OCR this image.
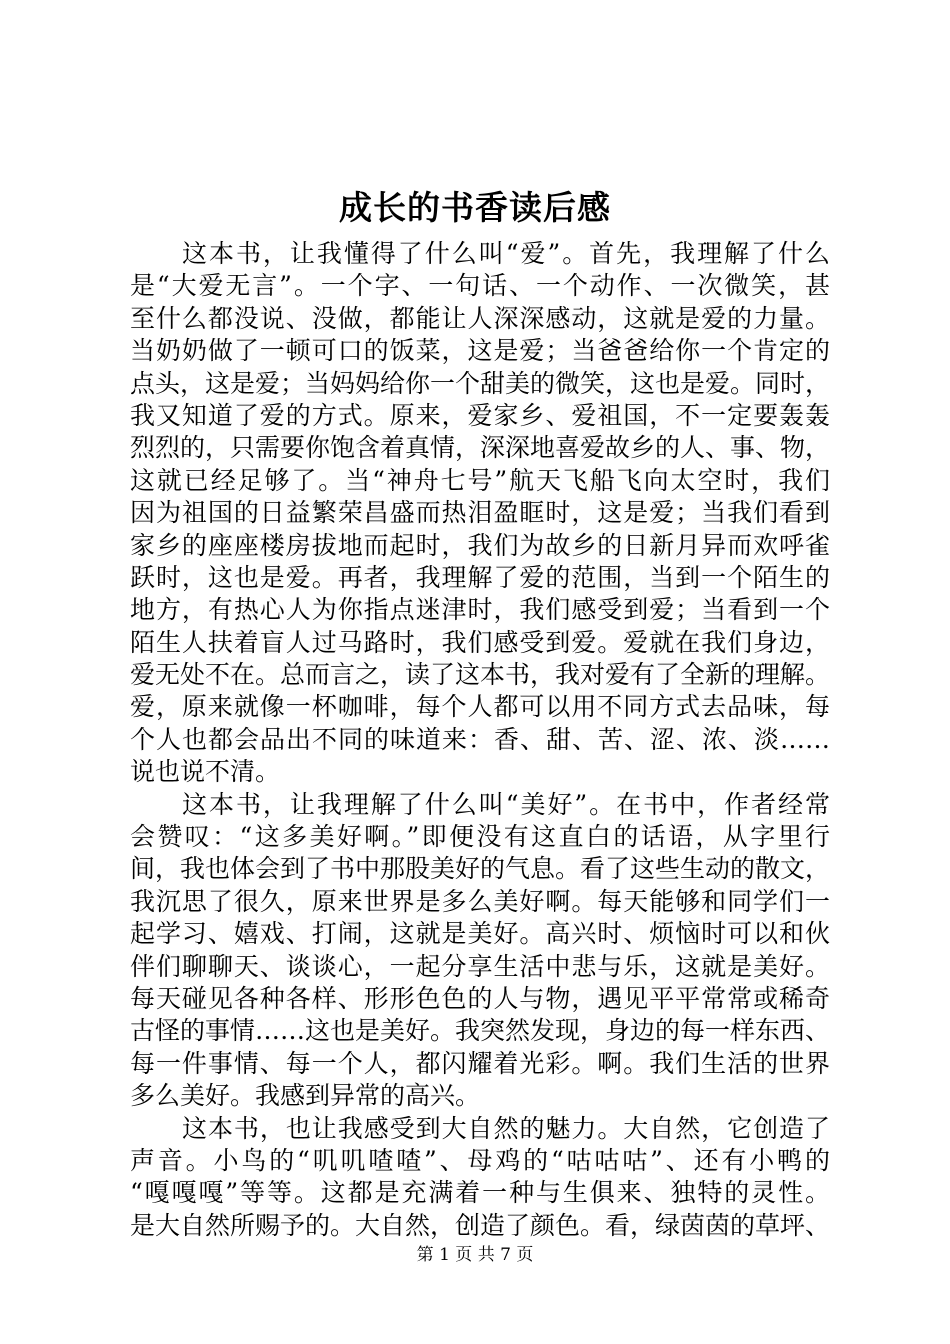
成长的书香读后感
这本书，让我懂得了什么叫“爱”。首先，我理解了什么
是“大爱无言”。一个字、一句话、一个动作、一次微笑，甚
至什么都没说、没做，都能让人深深感动，这就是爱的力量。
当奶奶做了一顿可口的饭菜，这是爱；当爸爸给你一个肯定的
点头，这是爱；当妈妈给你一个甜美的微笑，这也是爱。同时，
我又知道了爱的方式。原来，爱家乡、爱祖国，不一定要轰轰
烈烈的，只需要你饱含着真情，深深地喜爱故乡的人、事、物，
这就已经足够了。当“神舟七号”航天飞船飞向太空时，我们
因为祖国的日益繁荣昌盛而热泪盈眶时，这是爱；当我们看到
家乡的座座楼房拔地而起时，我们为故乡的日新月异而欢呼雀
跃时，这也是爱。再者，我理解了爱的范围，当到一个陌生的
地方，有热心人为你指点迷津时，我们感受到爱；当看到一个
陌生人扶着盲人过马路时，我们感受到爱。爱就在我们身边，
爱无处不在。总而言之，读了这本书，我对爱有了全新的理解。
爱，原来就像一杯咖啡，每个人都可以用不同方式去品味，每
个人也都会品出不同的味道来：香、甜、苦、涩、浓、淡……
说也说不清。
这本书，让我理解了什么叫“美好”。在书中，作者经常
会赞叹：“这多美好啊。”即便没有这直白的话语，从字里行
间，我也体会到了书中那股美好的气息。看了这些生动的散文，
我沉思了很久，原来世界是多么美好啊。每天能够和同学们一
起学习、嬉戏、打闹，这就是美好。高兴时、烦恼时可以和伙
伴们聊聊天、谈谈心，一起分享生活中悲与乐，这就是美好。
每天碰见各种各样、形形色色的人与物，遇见平平常常或稀奇
古怪的事情……这也是美好。我突然发现，身边的每一样东西、
每一件事情、每一个人，都闪耀着光彩。啊。我们生活的世界
多么美好。我感到异常的高兴。
这本书，也让我感受到大自然的魅力。大自然，它创造了
声音。小鸟的“叽叽喳喳”、母鸡的“咕咕咕”、还有小鸭的
“嘎嘎嘎”等等。这都是充满着一种与生俱来、独特的灵性。
是大自然所赐予的。大自然，创造了颜色。看，绿茵茵的草坪、
第 1 页 共 7 页
